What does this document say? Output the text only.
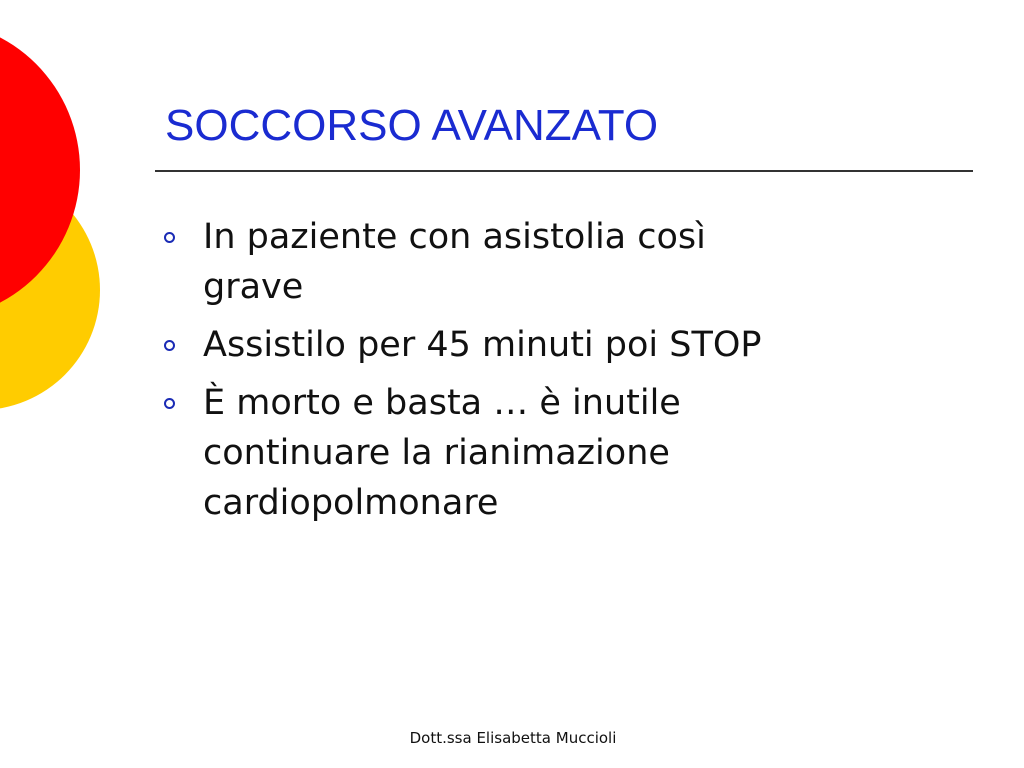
SOCCORSO AVANZATO
In paziente con asistolia così grave
Assistilo per 45 minuti poi STOP
È morto e basta … è inutile continuare la rianimazione cardiopolmonare
Dott.ssa Elisabetta Muccioli
